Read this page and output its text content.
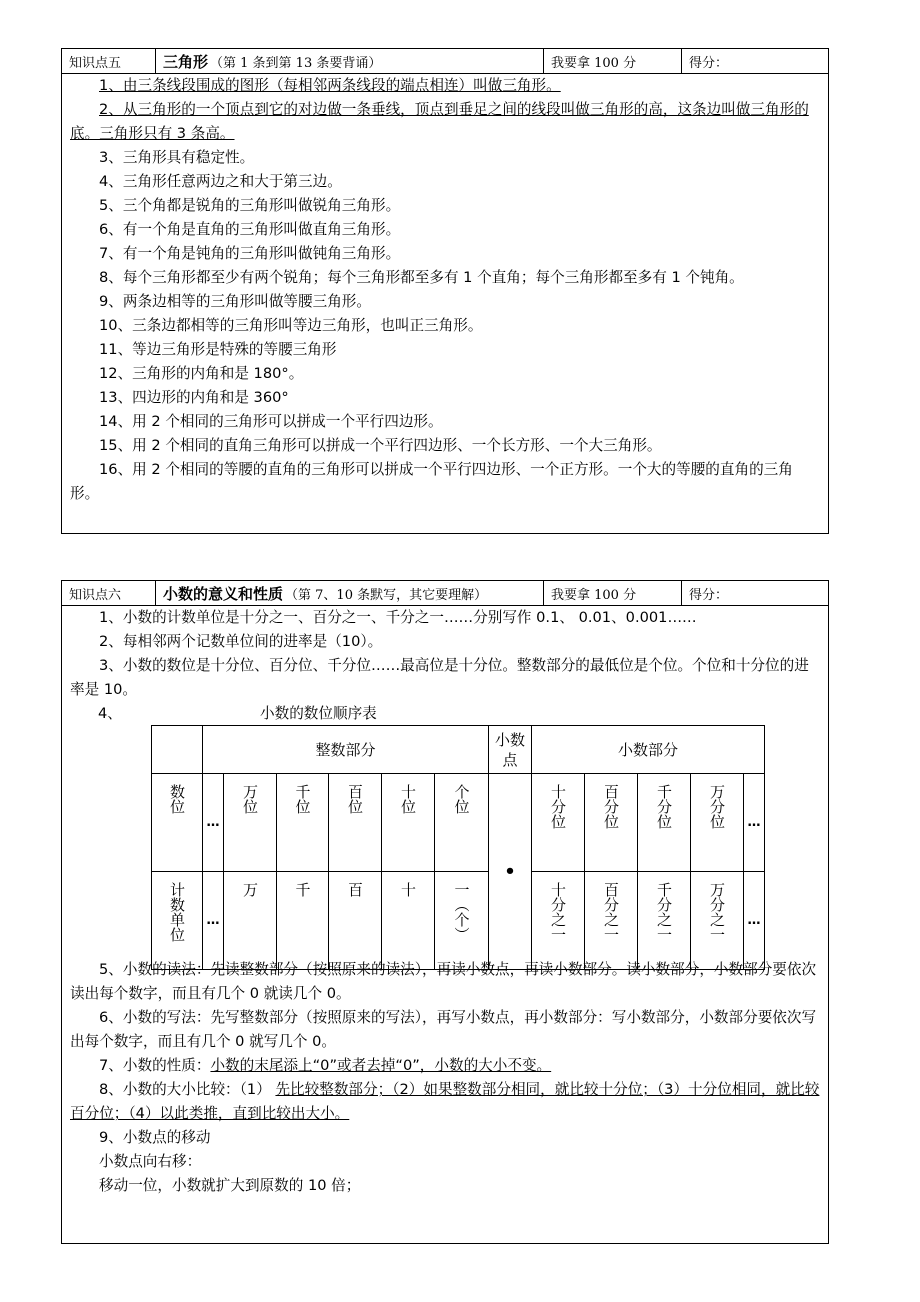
知识点五	三角形 （第 1 条到第 13 条要背诵）	我要拿 100 分	得分：

1、由三条线段围成的图形（每相邻两条线段的端点相连）叫做三角形。

2、从三角形的一个顶点到它的对边做一条垂线，顶点到垂足之间的线段叫做三角形的高，这条边叫做三角形的底。三角形只有 3 条高。

3、三角形具有稳定性。

4、三角形任意两边之和大于第三边。

5、三个角都是锐角的三角形叫做锐角三角形。

6、有一个角是直角的三角形叫做直角三角形。

7、有一个角是钝角的三角形叫做钝角三角形。

8、每个三角形都至少有两个锐角；每个三角形都至多有 1 个直角；每个三角形都至多有 1 个钝角。

9、两条边相等的三角形叫做等腰三角形。

10、三条边都相等的三角形叫等边三角形，也叫正三角形。

11、等边三角形是特殊的等腰三角形

12、三角形的内角和是 180°。

13、四边形的内角和是 360°

14、用 2 个相同的三角形可以拼成一个平行四边形。

15、用 2 个相同的直角三角形可以拼成一个平行四边形、一个长方形、一个大三角形。

16、用 2 个相同的等腰的直角的三角形可以拼成一个平行四边形、一个正方形。一个大的等腰的直角的三角形。

知识点六	小数的意义和性质 （第 7、10 条默写，其它要理解）	我要拿 100 分	得分：

1、小数的计数单位是十分之一、百分之一、千分之一……分别写作 0.1、 0.01、0.001……

2、每相邻两个记数单位间的进率是（10）。

3、小数的数位是十分位、百分位、千分位……最高位是十分位。整数部分的最低位是个位。个位和十分位的进率是 10。

4、	小数的数位顺序表
	整数部分						小数点	小数部分				

数位	…	万位	千位	百位	十位	个位	•	十分位	百分位	千分位	万分位	…

计数单位	…	万	千	百	十	一（个）		十分之一	百分之一	千分之一	万分之一	…

5、小数的读法：先读整数部分（按照原来的读法），再读小数点，再读小数部分。读小数部分，小数部分要依次读出每个数字，而且有几个 0 就读几个 0。

6、小数的写法：先写整数部分（按照原来的写法），再写小数点，再小数部分：写小数部分，小数部分要依次写出每个数字，而且有几个 0 就写几个 0。

7、小数的性质：小数的末尾添上“0”或者去掉“0”，小数的大小不变。

8、小数的大小比较：（1） 先比较整数部分；（2）如果整数部分相同，就比较十分位；（3）十分位相同，就比较百分位；（4）以此类推，直到比较出大小。

9、小数点的移动

小数点向右移：

移动一位，小数就扩大到原数的 10 倍；
